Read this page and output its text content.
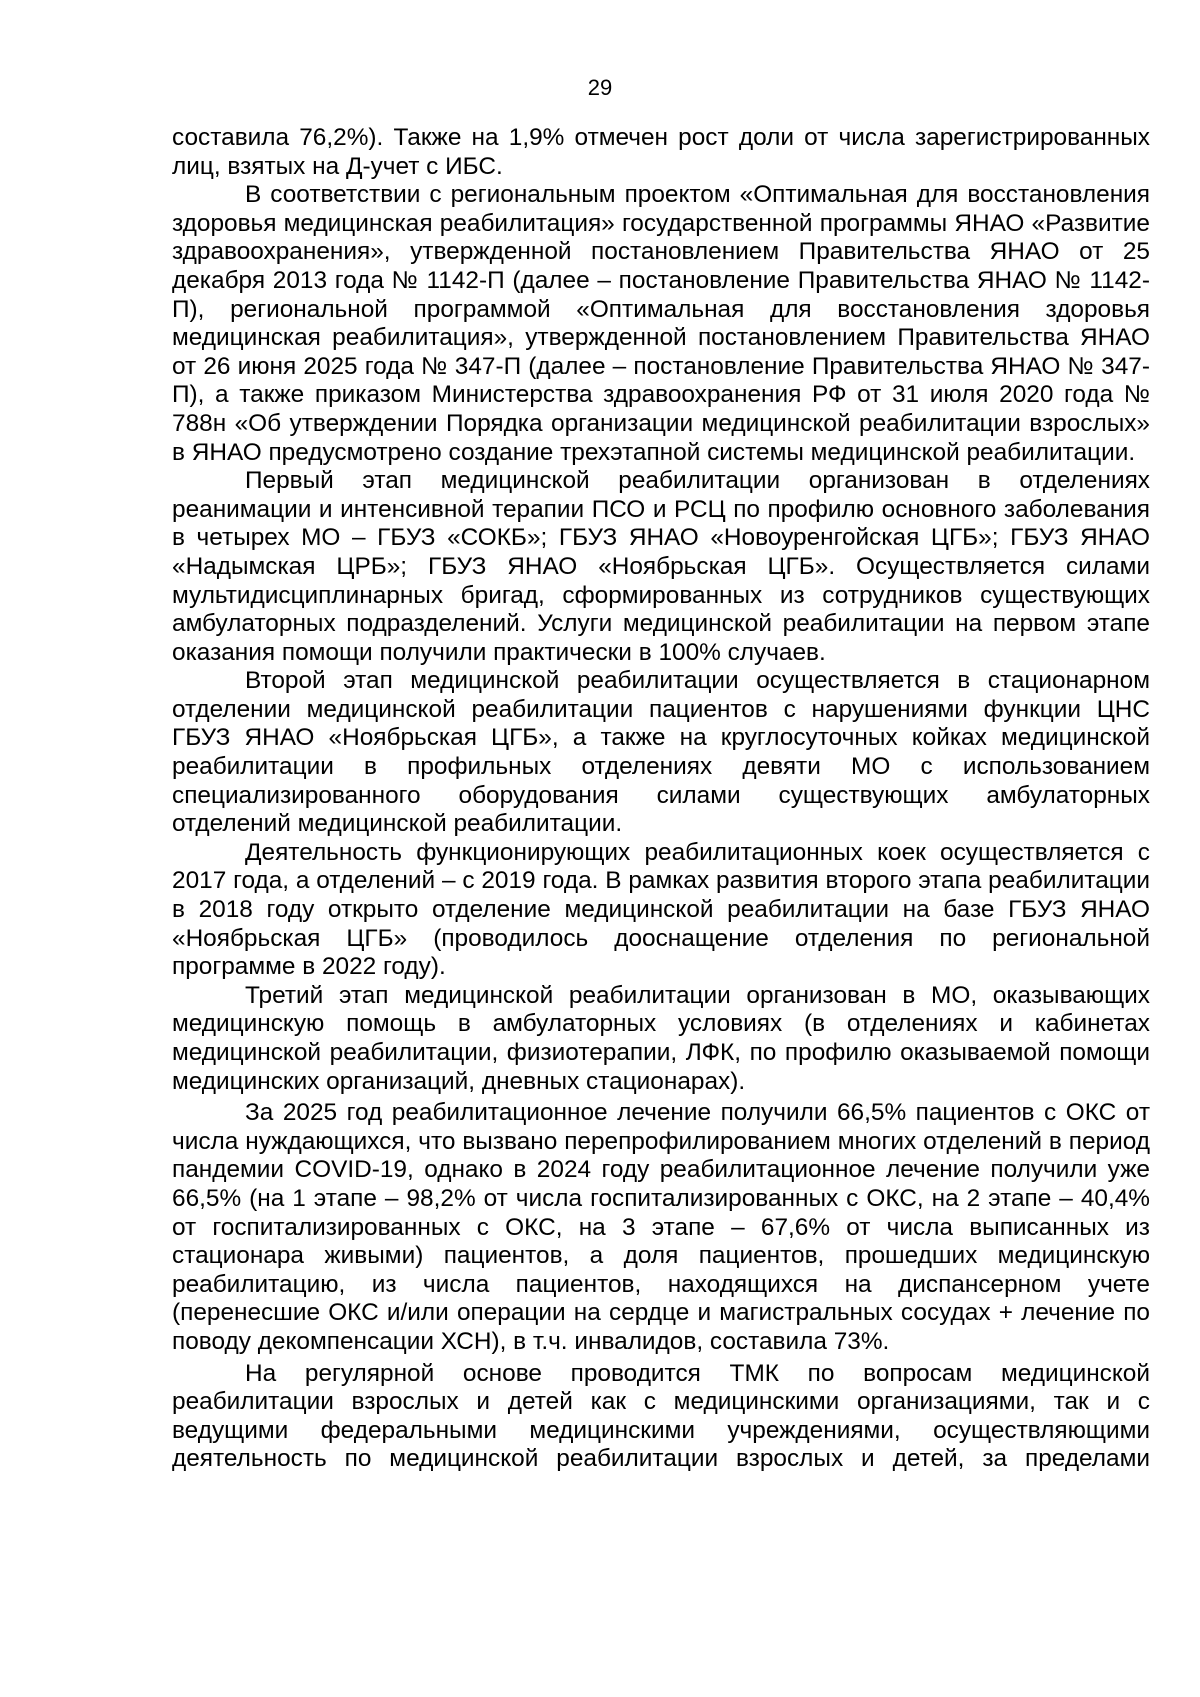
29

составила 76,2%). Также на 1,9% отмечен рост доли от числа зарегистрированных лиц, взятых на Д-учет с ИБС.

В соответствии с региональным проектом «Оптимальная для восстановления здоровья медицинская реабилитация» государственной программы ЯНАО «Развитие здравоохранения», утвержденной постановлением Правительства ЯНАО от 25 декабря 2013 года № 1142-П (далее – постановление Правительства ЯНАО № 1142-П), региональной программой «Оптимальная для восстановления здоровья медицинская реабилитация», утвержденной постановлением Правительства ЯНАО от 26 июня 2025 года № 347-П (далее – постановление Правительства ЯНАО № 347-П), а также приказом Министерства здравоохранения РФ от 31 июля 2020 года № 788н «Об утверждении Порядка организации медицинской реабилитации взрослых» в ЯНАО предусмотрено создание трехэтапной системы медицинской реабилитации.

Первый этап медицинской реабилитации организован в отделениях реанимации и интенсивной терапии ПСО и РСЦ по профилю основного заболевания в четырех МО – ГБУЗ «СОКБ»; ГБУЗ ЯНАО «Новоуренгойская ЦГБ»; ГБУЗ ЯНАО «Надымская ЦРБ»; ГБУЗ ЯНАО «Ноябрьская ЦГБ». Осуществляется силами мультидисциплинарных бригад, сформированных из сотрудников существующих амбулаторных подразделений. Услуги медицинской реабилитации на первом этапе оказания помощи получили практически в 100% случаев.

Второй этап медицинской реабилитации осуществляется в стационарном отделении медицинской реабилитации пациентов с нарушениями функции ЦНС ГБУЗ ЯНАО «Ноябрьская ЦГБ», а также на круглосуточных койках медицинской реабилитации в профильных отделениях девяти МО с использованием специализированного оборудования силами существующих амбулаторных отделений медицинской реабилитации.

Деятельность функционирующих реабилитационных коек осуществляется с 2017 года, а отделений – с 2019 года. В рамках развития второго этапа реабилитации в 2018 году открыто отделение медицинской реабилитации на базе ГБУЗ ЯНАО «Ноябрьская ЦГБ» (проводилось дооснащение отделения по региональной программе в 2022 году).

Третий этап медицинской реабилитации организован в МО, оказывающих медицинскую помощь в амбулаторных условиях (в отделениях и кабинетах медицинской реабилитации, физиотерапии, ЛФК, по профилю оказываемой помощи медицинских организаций, дневных стационарах).

За 2025 год реабилитационное лечение получили 66,5% пациентов с ОКС от числа нуждающихся, что вызвано перепрофилированием многих отделений в период пандемии COVID-19, однако в 2024 году реабилитационное лечение получили уже 66,5% (на 1 этапе – 98,2% от числа госпитализированных с ОКС, на 2 этапе – 40,4% от госпитализированных с ОКС, на 3 этапе – 67,6% от числа выписанных из стационара живыми) пациентов, а доля пациентов, прошедших медицинскую реабилитацию, из числа пациентов, находящихся на диспансерном учете (перенесшие ОКС и/или операции на сердце и магистральных сосудах + лечение по поводу декомпенсации ХСН), в т.ч. инвалидов, составила 73%.

На регулярной основе проводится ТМК по вопросам медицинской реабилитации взрослых и детей как с медицинскими организациями, так и с ведущими федеральными медицинскими учреждениями, осуществляющими деятельность по медицинской реабилитации взрослых и детей, за пределами
